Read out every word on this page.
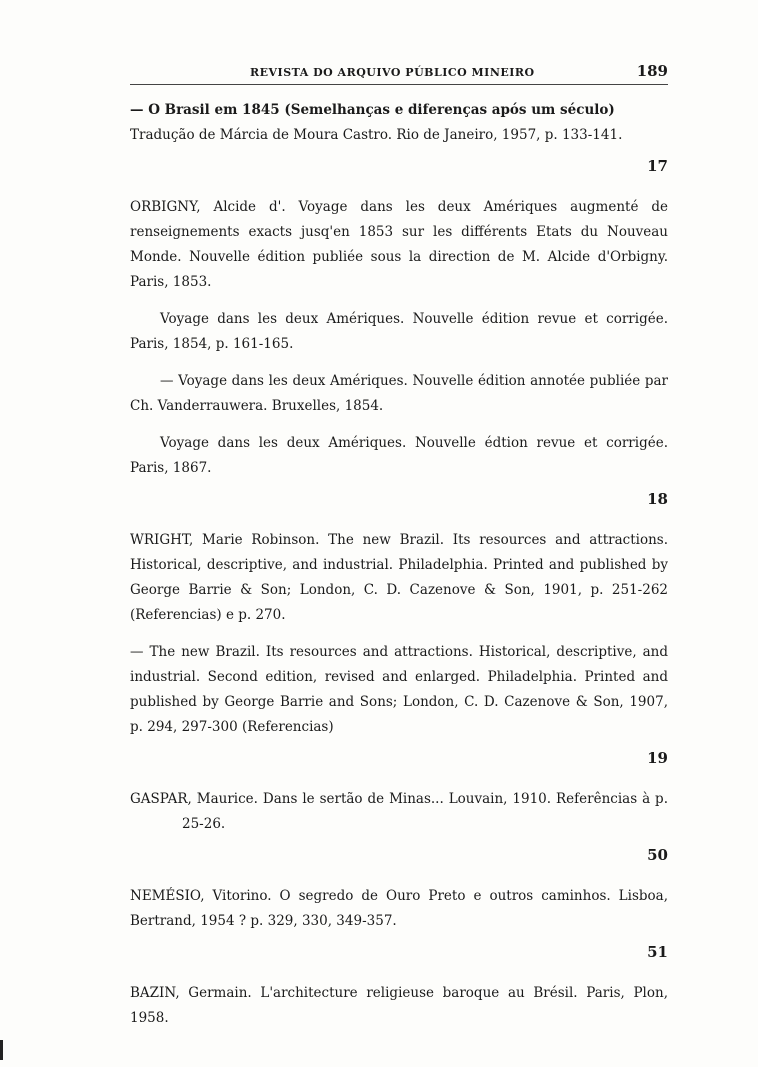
REVISTA DO ARQUIVO PÚBLICO MINEIRO	189

— O Brasil em 1845 (Semelhanças e diferenças após um século)

Tradução de Márcia de Moura Castro. Rio de Janeiro, 1957, p. 133-141.

17

ORBIGNY, Alcide d'. Voyage dans les deux Amériques augmenté de renseignements exacts jusq'en 1853 sur les différents Etats du Nouveau Monde. Nouvelle édition publiée sous la direction de M. Alcide d'Orbigny. Paris, 1853.

Voyage dans les deux Amériques. Nouvelle édition revue et corrigée. Paris, 1854, p. 161-165.

— Voyage dans les deux Amériques. Nouvelle édition annotée publiée par Ch. Vanderrauwera. Bruxelles, 1854.

Voyage dans les deux Amériques. Nouvelle édtion revue et corrigée. Paris, 1867.

18

WRIGHT, Marie Robinson. The new Brazil. Its resources and attractions. Historical, descriptive, and industrial. Philadelphia. Printed and published by George Barrie & Son; London, C. D. Cazenove & Son, 1901, p. 251-262 (Referencias) e p. 270.

— The new Brazil. Its resources and attractions. Historical, descriptive, and industrial. Second edition, revised and enlarged. Philadelphia. Printed and published by George Barrie and Sons; London, C. D. Cazenove & Son, 1907, p. 294, 297-300 (Referencias)

19

GASPAR, Maurice. Dans le sertão de Minas... Louvain, 1910. Referências à p. 25-26.

50

NEMÉSIO, Vitorino. O segredo de Ouro Preto e outros caminhos. Lisboa, Bertrand, 1954 ? p. 329, 330, 349-357.

51

BAZIN, Germain. L'architecture religieuse baroque au Brésil. Paris, Plon, 1958.
